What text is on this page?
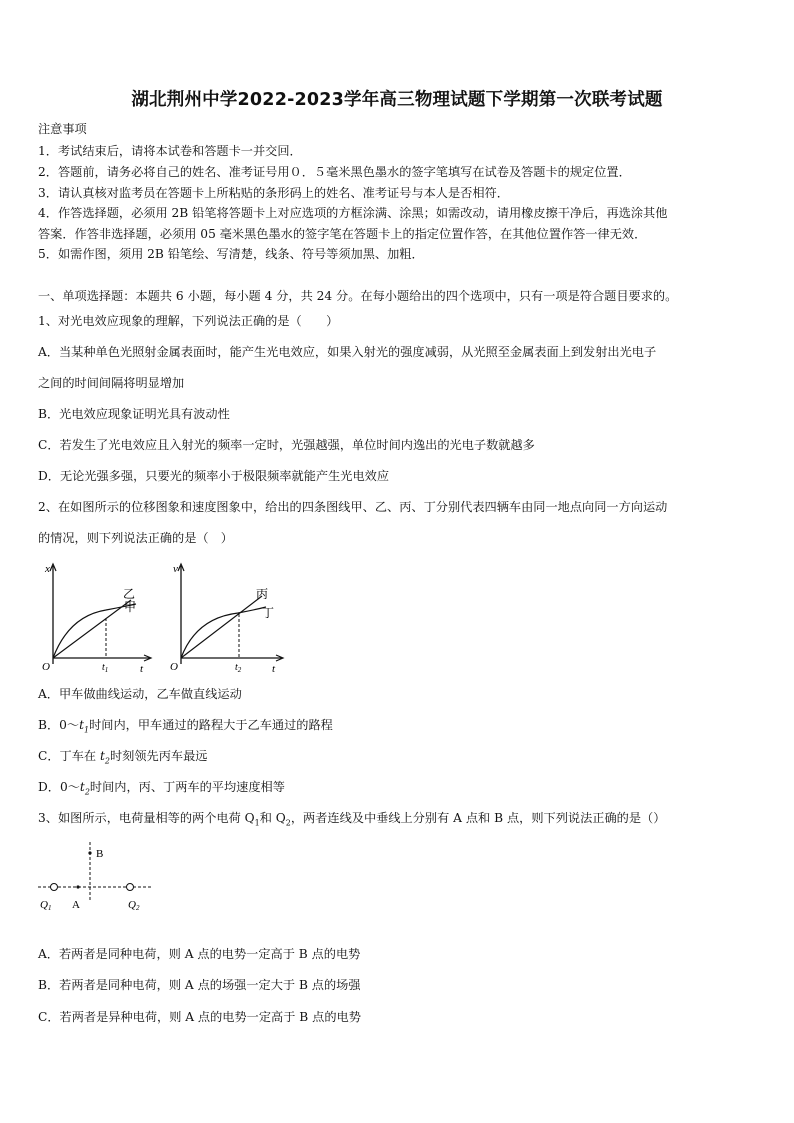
湖北荆州中学2022-2023学年高三物理试题下学期第一次联考试题
注意事项
1．考试结束后，请将本试卷和答题卡一并交回．
2．答题前，请务必将自己的姓名、准考证号用０．５毫米黑色墨水的签字笔填写在试卷及答题卡的规定位置．
3．请认真核对监考员在答题卡上所粘贴的条形码上的姓名、准考证号与本人是否相符．
4．作答选择题，必须用 2B 铅笔将答题卡上对应选项的方框涂满、涂黑；如需改动，请用橡皮擦干净后，再选涂其他
答案．作答非选择题，必须用 05 毫米黑色墨水的签字笔在答题卡上的指定位置作答，在其他位置作答一律无效．
5．如需作图，须用 2B 铅笔绘、写清楚，线条、符号等须加黑、加粗．
一、单项选择题：本题共 6 小题，每小题 4 分，共 24 分。在每小题给出的四个选项中，只有一项是符合题目要求的。
1、对光电效应现象的理解，下列说法正确的是（　　）
A．当某种单色光照射金属表面时，能产生光电效应，如果入射光的强度减弱，从光照至金属表面上到发射出光电子
之间的时间间隔将明显增加
B．光电效应现象证明光具有波动性
C．若发生了光电效应且入射光的频率一定时，光强越强，单位时间内逸出的光电子数就越多
D．无论光强多强，只要光的频率小于极限频率就能产生光电效应
2、在如图所示的位移图象和速度图象中，给出的四条图线甲、乙、丙、丁分别代表四辆车由同一地点向同一方向运动
的情况，则下列说法正确的是（　）
x
t
O	$t_1$
乙
甲
v
t
O	$t_2$
丙
丁
A．甲车做曲线运动，乙车做直线运动
B．$0\sim t_1$时间内，甲车通过的路程大于乙车通过的路程
C．丁车在 $t_2$时刻领先丙车最远
D．$0\sim t_2$时间内，丙、丁两车的平均速度相等
3、如图所示，电荷量相等的两个电荷 $Q_1$和 $Q_2$，两者连线及中垂线上分别有 A 点和 B 点，则下列说法正确的是（）
B
A
Q1	Q2
A．若两者是同种电荷，则 A 点的电势一定高于 B 点的电势
B．若两者是同种电荷，则 A 点的场强一定大于 B 点的场强
C．若两者是异种电荷，则 A 点的电势一定高于 B 点的电势
